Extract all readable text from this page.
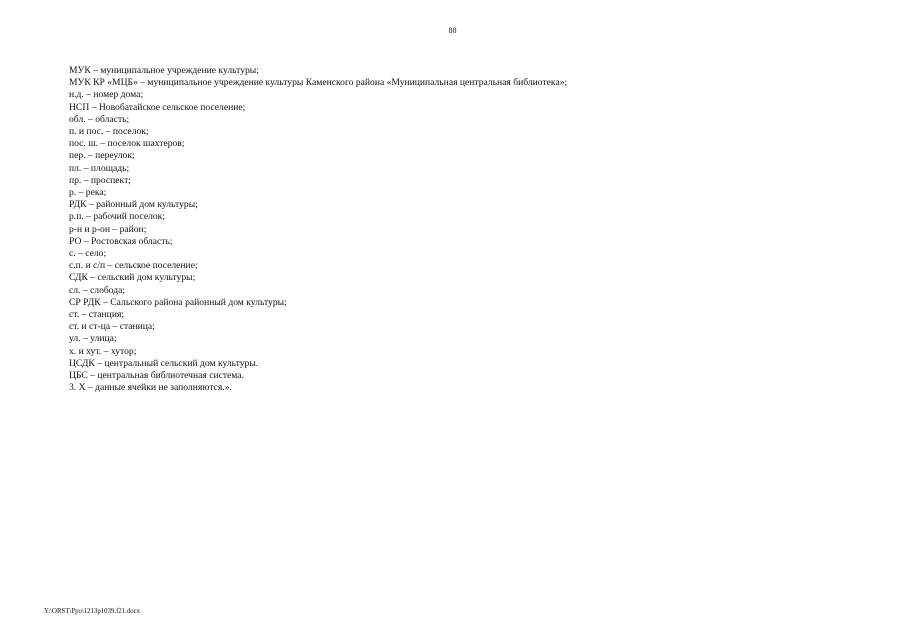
80
МУК – муниципальное учреждение культуры;
МУК КР «МЦБ» – муниципальное учреждение культуры Каменского района «Муниципальная центральная библиотека»;
н.д. – номер дома;
НСП – Новобатайское сельское поселение;
обл. – область;
п. и пос. – поселок;
пос. ш. – поселок шахтеров;
пер. – переулок;
пл. – площадь;
пр. – проспект;
р. – река;
РДК – районный дом культуры;
р.п. – рабочий поселок;
р-н и р-он – район;
РО – Ростовская область;
с. – село;
с.п. и с/п – сельское поселение;
СДК – сельский дом культуры;
сл. – слобода;
СР РДК – Сальского района районный дом культуры;
ст. – станция;
ст. и ст-ца – станица;
ул. – улица;
х. и хут. – хутор;
ЦСДК – центральный сельский дом культуры.
ЦБС – центральная библиотечная система.
3. Х – данные ячейки не заполняются.».
Y:\ORST\Ppo\1213p1039.f21.docx
